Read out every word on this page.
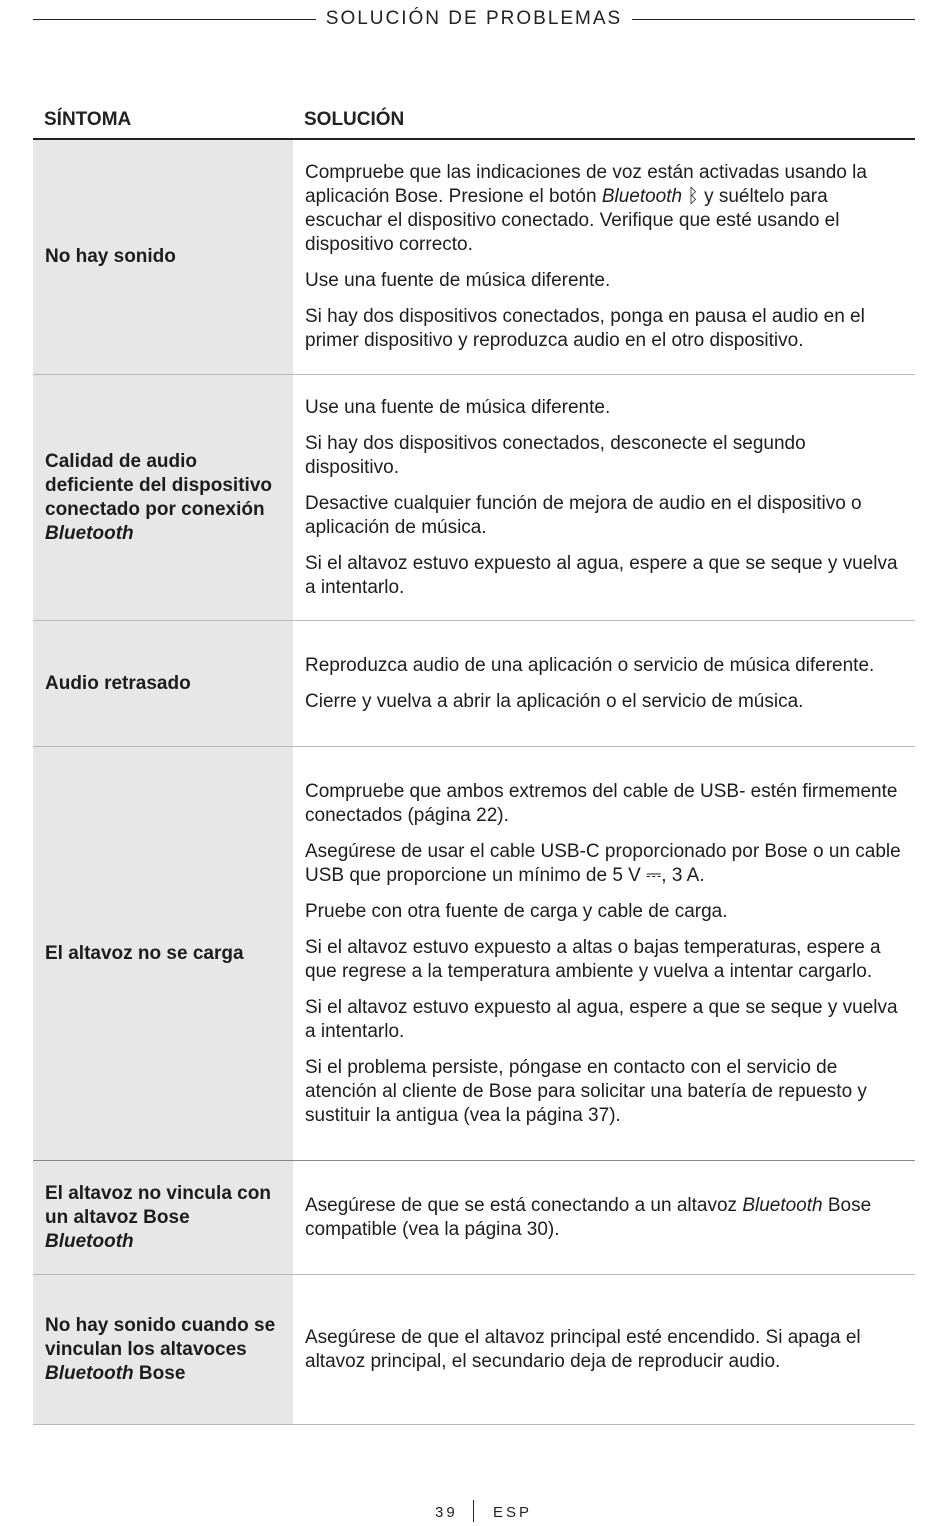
SOLUCIÓN DE PROBLEMAS
SÍNTOMA	SOLUCIÓN
No hay sonido

Compruebe que las indicaciones de voz están activadas usando la aplicación Bose. Presione el botón Bluetooth ᛒ y suéltelo para escuchar el dispositivo conectado. Verifique que esté usando el dispositivo correcto.

Use una fuente de música diferente.

Si hay dos dispositivos conectados, ponga en pausa el audio en el primer dispositivo y reproduzca audio en el otro dispositivo.

Calidad de audio deficiente del dispositivo conectado por conexión Bluetooth

Use una fuente de música diferente.

Si hay dos dispositivos conectados, desconecte el segundo dispositivo.

Desactive cualquier función de mejora de audio en el dispositivo o aplicación de música.

Si el altavoz estuvo expuesto al agua, espere a que se seque y vuelva a intentarlo.

Audio retrasado

Reproduzca audio de una aplicación o servicio de música diferente.

Cierre y vuelva a abrir la aplicación o el servicio de música.

El altavoz no se carga

Compruebe que ambos extremos del cable de USB- estén firmemente conectados (página 22).

Asegúrese de usar el cable USB-C proporcionado por Bose o un cable USB que proporcione un mínimo de 5 V ⎓, 3 A.

Pruebe con otra fuente de carga y cable de carga.

Si el altavoz estuvo expuesto a altas o bajas temperaturas, espere a que regrese a la temperatura ambiente y vuelva a intentar cargarlo.

Si el altavoz estuvo expuesto al agua, espere a que se seque y vuelva a intentarlo.

Si el problema persiste, póngase en contacto con el servicio de atención al cliente de Bose para solicitar una batería de repuesto y sustituir la antigua (vea la página 37).

El altavoz no vincula con un altavoz Bose Bluetooth

Asegúrese de que se está conectando a un altavoz Bluetooth Bose compatible (vea la página 30).

No hay sonido cuando se vinculan los altavoces Bluetooth Bose

Asegúrese de que el altavoz principal esté encendido. Si apaga el altavoz principal, el secundario deja de reproducir audio.

39 ESP
